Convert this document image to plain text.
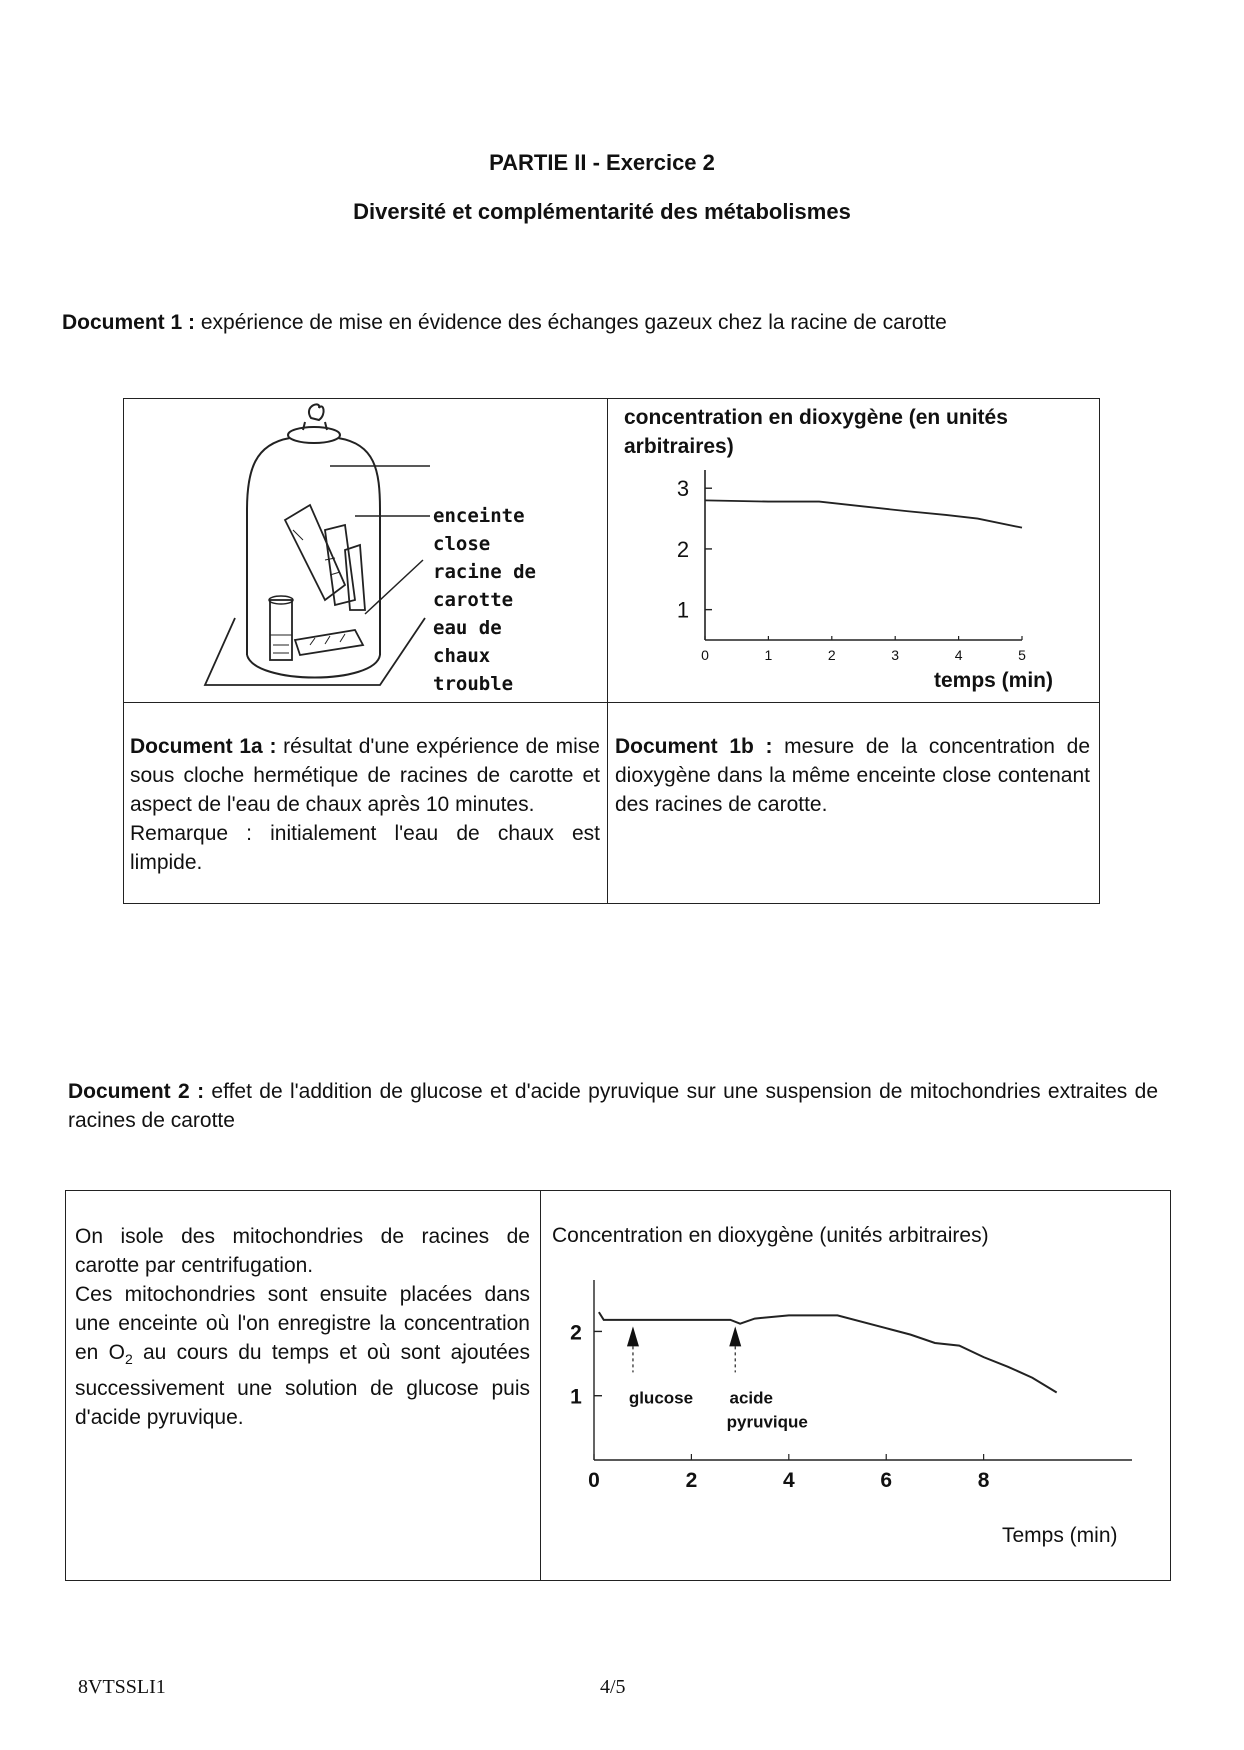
PARTIE II - Exercice 2
Diversité et complémentarité des métabolismes
Document 1 : expérience de mise en évidence des échanges gazeux chez la racine de carotte
enceinte
close
racine de
carotte
eau de
chaux
trouble
concentration en dioxygène (en unités arbitraires)
1
2
3
0	1	2	3	4	5
temps (min)
Document 1a : résultat d'une expérience de mise sous cloche hermétique de racines de carotte et aspect de l'eau de chaux après 10 minutes.
Remarque : initialement l'eau de chaux est limpide.
Document 1b : mesure de la concentration de dioxygène dans la même enceinte close contenant des racines de carotte.
Document 2 : effet de l'addition de glucose et d'acide pyruvique sur une suspension de mitochondries extraites de racines de carotte
On isole des mitochondries de racines de carotte par centrifugation.
Ces mitochondries sont ensuite placées dans une enceinte où l'on enregistre la concentration en $O_2$ au cours du temps et où sont ajoutées successivement une solution de glucose puis d'acide pyruvique.
Concentration en dioxygène (unités arbitraires)
1
2
0	2	4	6	8
glucose acide
pyruvique
Temps (min)
8VTSSLI1	4/5
